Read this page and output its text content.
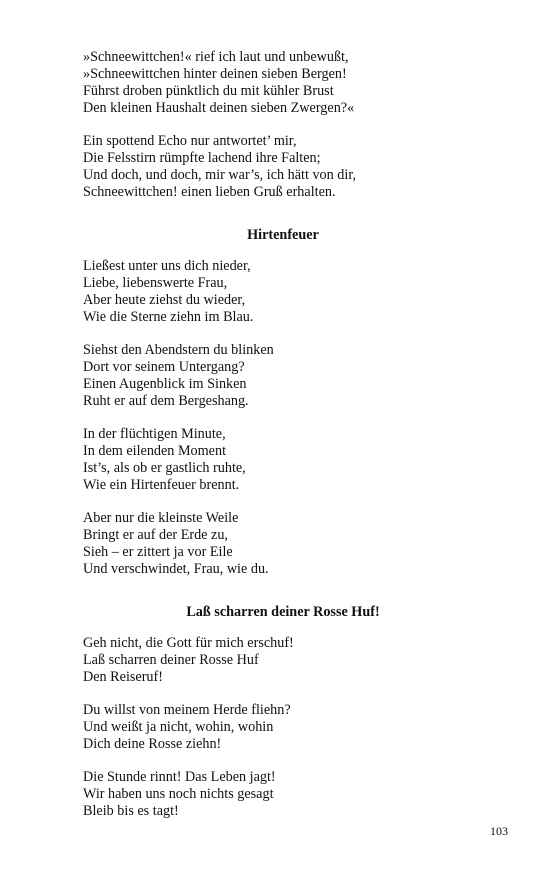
»Schneewittchen!« rief ich laut und unbewußt,
»Schneewittchen hinter deinen sieben Bergen!
Führst droben pünktlich du mit kühler Brust
Den kleinen Haushalt deinen sieben Zwergen?«
Ein spottend Echo nur antwortet’ mir,
Die Felsstirn rümpfte lachend ihre Falten;
Und doch, und doch, mir war’s, ich hätt von dir,
Schneewittchen! einen lieben Gruß erhalten.
Hirtenfeuer
Ließest unter uns dich nieder,
Liebe, liebenswerte Frau,
Aber heute ziehst du wieder,
Wie die Sterne ziehn im Blau.
Siehst den Abendstern du blinken
Dort vor seinem Untergang?
Einen Augenblick im Sinken
Ruht er auf dem Bergeshang.
In der flüchtigen Minute,
In dem eilenden Moment
Ist’s, als ob er gastlich ruhte,
Wie ein Hirtenfeuer brennt.
Aber nur die kleinste Weile
Bringt er auf der Erde zu,
Sieh – er zittert ja vor Eile
Und verschwindet, Frau, wie du.
Laß scharren deiner Rosse Huf!
Geh nicht, die Gott für mich erschuf!
Laß scharren deiner Rosse Huf
Den Reiseruf!
Du willst von meinem Herde fliehn?
Und weißt ja nicht, wohin, wohin
Dich deine Rosse ziehn!
Die Stunde rinnt! Das Leben jagt!
Wir haben uns noch nichts gesagt
Bleib bis es tagt!
103
